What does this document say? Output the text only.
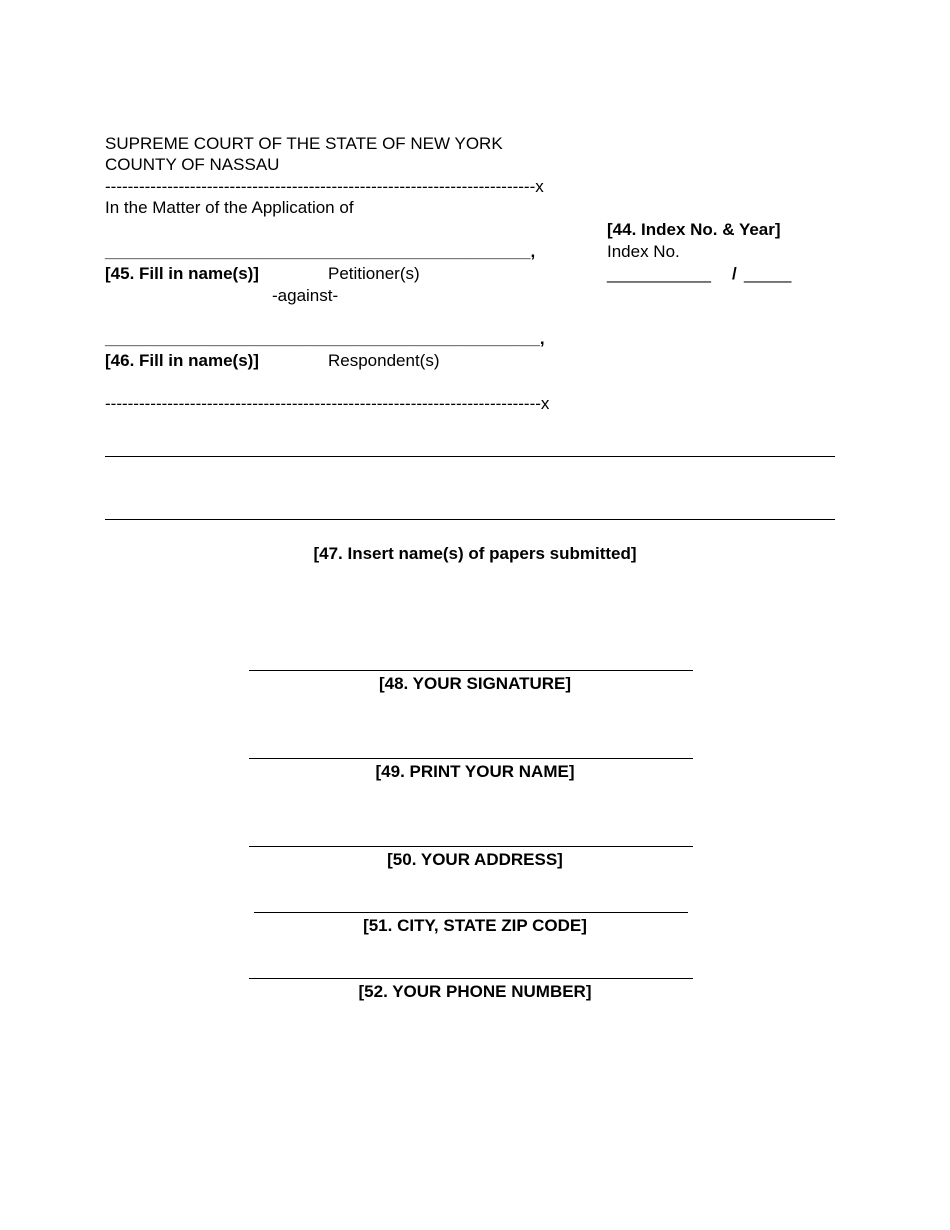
SUPREME COURT OF THE STATE OF NEW YORK
COUNTY OF NASSAU
----------------------------------------------------------------------------x
In the Matter of the Application of
_____________________________________________,
[45. Fill in name(s)]	Petitioner(s)
-against-
______________________________________________,
[46. Fill in name(s)]	Respondent(s)
-----------------------------------------------------------------------------x
[44. Index No. & Year]
Index No.
___________ / _____
[47. Insert name(s) of papers submitted]
[48. YOUR SIGNATURE]
[49. PRINT YOUR NAME]
[50. YOUR ADDRESS]
[51. CITY, STATE ZIP CODE]
[52. YOUR PHONE NUMBER]
